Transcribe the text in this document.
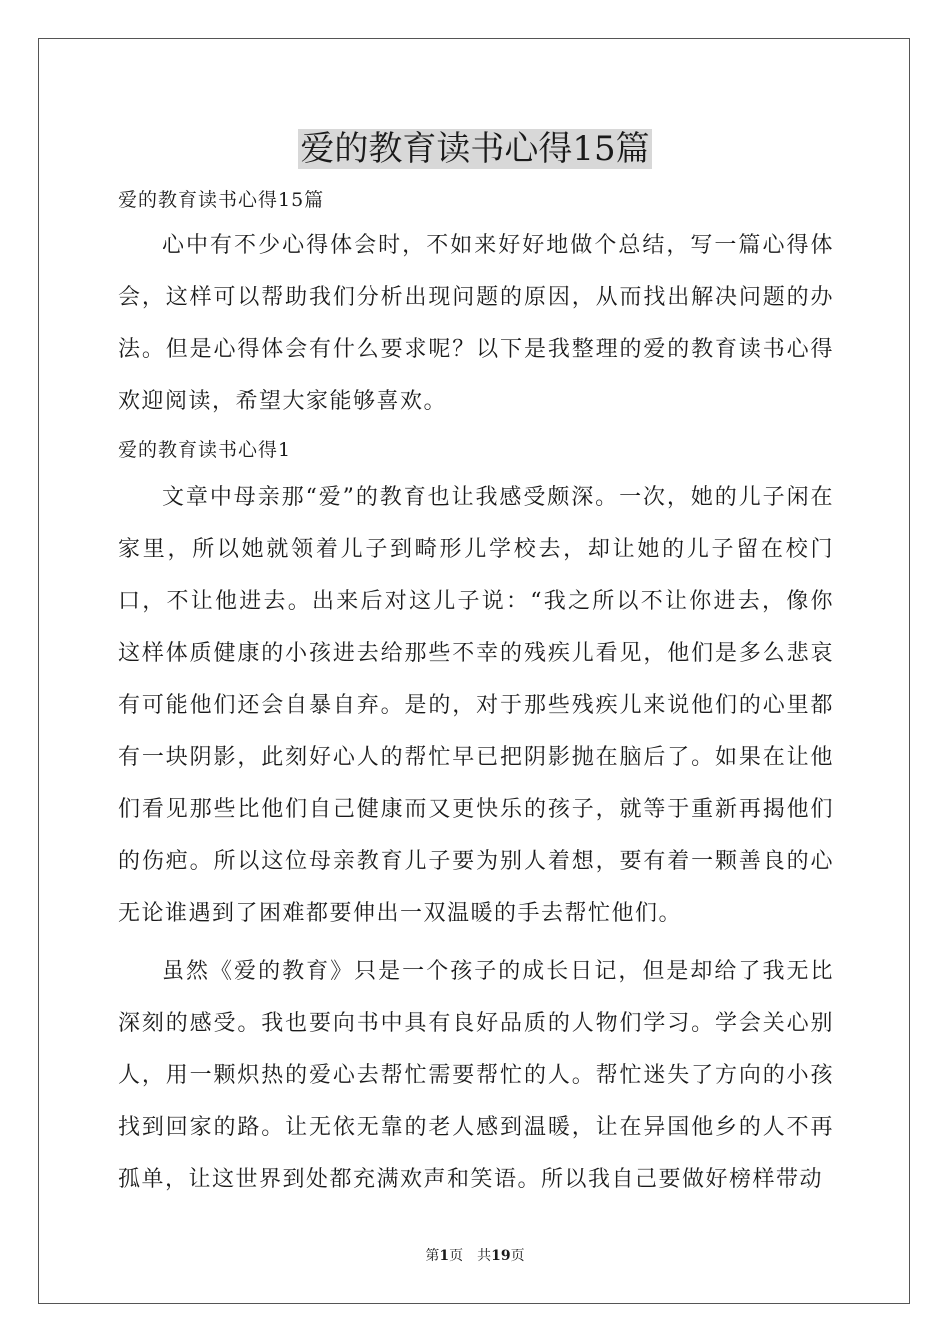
爱的教育读书心得15篇

爱的教育读书心得15篇

心中有不少心得体会时，不如来好好地做个总结，写一篇心得体会，这样可以帮助我们分析出现问题的原因，从而找出解决问题的办法。但是心得体会有什么要求呢？以下是我整理的爱的教育读书心得欢迎阅读，希望大家能够喜欢。

爱的教育读书心得1

文章中母亲那“爱”的教育也让我感受颇深。一次，她的儿子闲在家里，所以她就领着儿子到畸形儿学校去，却让她的儿子留在校门口，不让他进去。出来后对这儿子说：“我之所以不让你进去，像你这样体质健康的小孩进去给那些不幸的残疾儿看见，他们是多么悲哀有可能他们还会自暴自弃。是的，对于那些残疾儿来说他们的心里都有一块阴影，此刻好心人的帮忙早已把阴影抛在脑后了。如果在让他们看见那些比他们自己健康而又更快乐的孩子，就等于重新再揭他们的伤疤。所以这位母亲教育儿子要为别人着想，要有着一颗善良的心无论谁遇到了困难都要伸出一双温暖的手去帮忙他们。

虽然《爱的教育》只是一个孩子的成长日记，但是却给了我无比深刻的感受。我也要向书中具有良好品质的人物们学习。学会关心别人，用一颗炽热的爱心去帮忙需要帮忙的人。帮忙迷失了方向的小孩找到回家的路。让无依无靠的老人感到温暖，让在异国他乡的人不再孤单，让这世界到处都充满欢声和笑语。所以我自己要做好榜样带动

第1页　共19页
